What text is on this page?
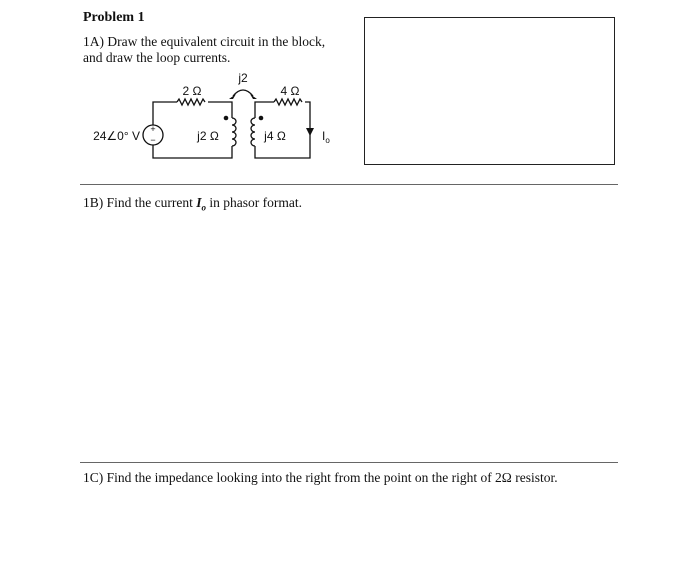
Problem 1
1A) Draw the equivalent circuit in the block,
and draw the loop currents.
+
−
24∠0° V
2 Ω	4 Ω
j2
j2 Ω	j4 Ω	$I_o$
1B) Find the current $I_o$ in phasor format.
1C) Find the impedance looking into the right from the point on the right of 2Ω resistor.
